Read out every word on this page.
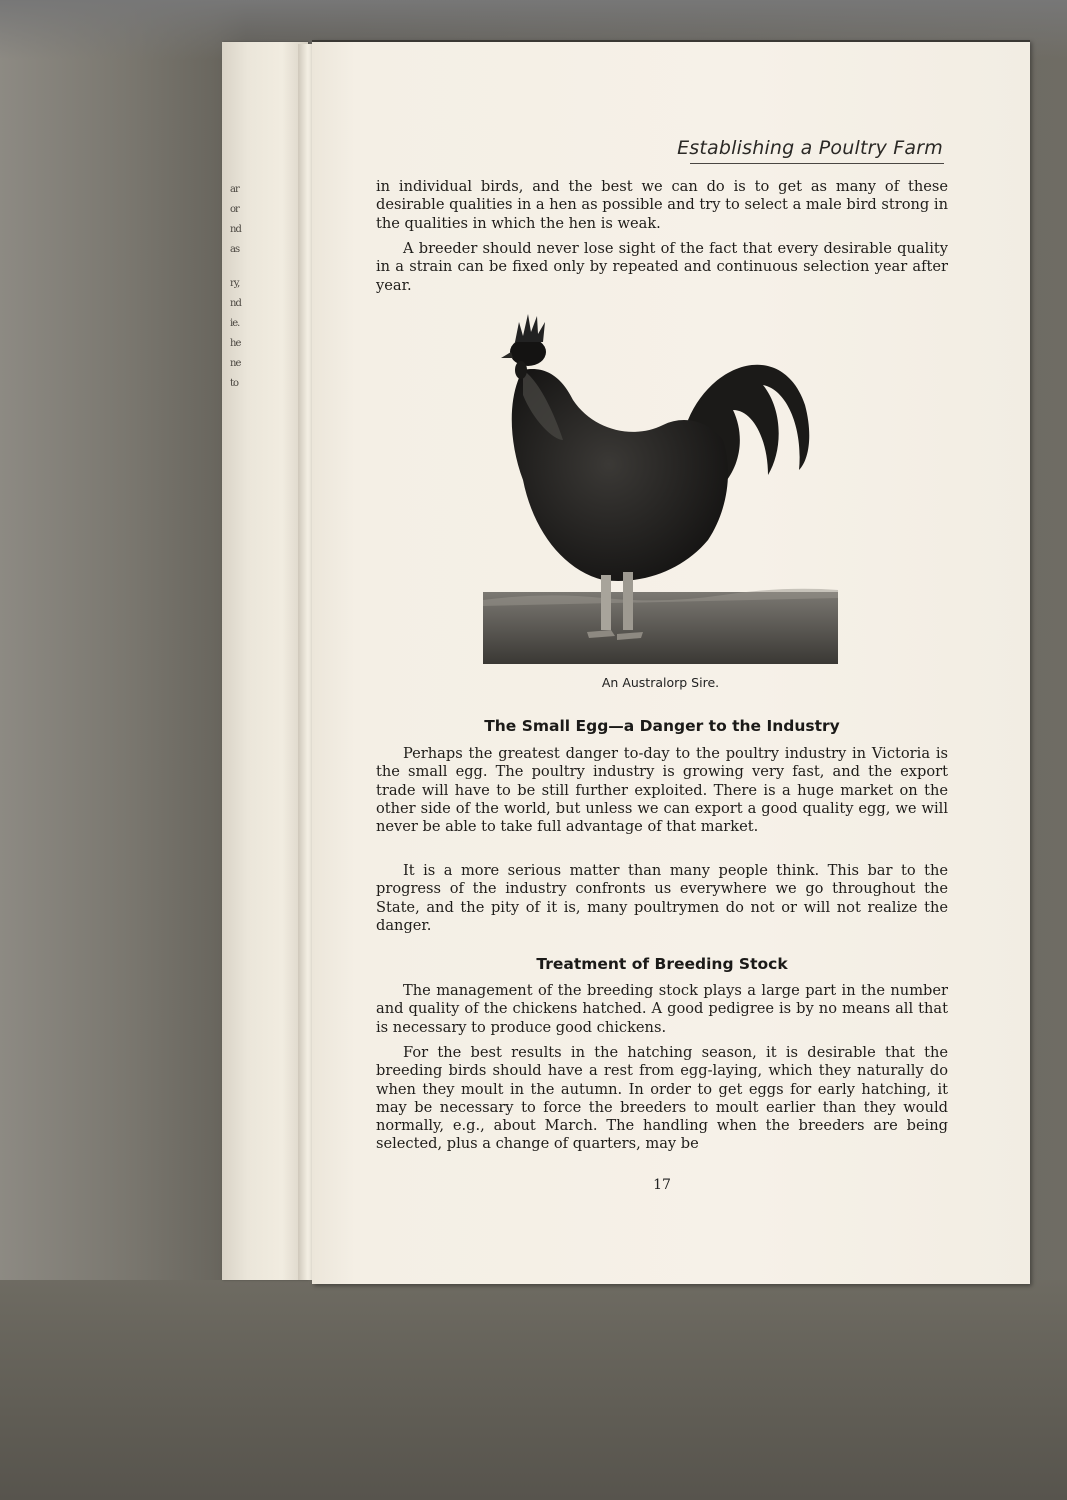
ar
or
nd
as
ry,
nd
ie.
he
ne
to
Establishing a Poultry Farm

in individual birds, and the best we can do is to get as many of these desirable qualities in a hen as possible and try to select a male bird strong in the qualities in which the hen is weak.

A breeder should never lose sight of the fact that every desirable quality in a strain can be fixed only by repeated and continuous selection year after year.

An Australorp Sire.
The Small Egg—a Danger to the Industry

Perhaps the greatest danger to-day to the poultry industry in Victoria is the small egg. The poultry industry is growing very fast, and the export trade will have to be still further exploited. There is a huge market on the other side of the world, but unless we can export a good quality egg, we will never be able to take full advantage of that market.

It is a more serious matter than many people think. This bar to the progress of the industry confronts us everywhere we go throughout the State, and the pity of it is, many poultrymen do not or will not realize the danger.

Treatment of Breeding Stock

The management of the breeding stock plays a large part in the number and quality of the chickens hatched. A good pedigree is by no means all that is necessary to produce good chickens.

For the best results in the hatching season, it is desirable that the breeding birds should have a rest from egg-laying, which they naturally do when they moult in the autumn. In order to get eggs for early hatching, it may be necessary to force the breeders to moult earlier than they would normally, e.g., about March. The handling when the breeders are being selected, plus a change of quarters, may be

17
